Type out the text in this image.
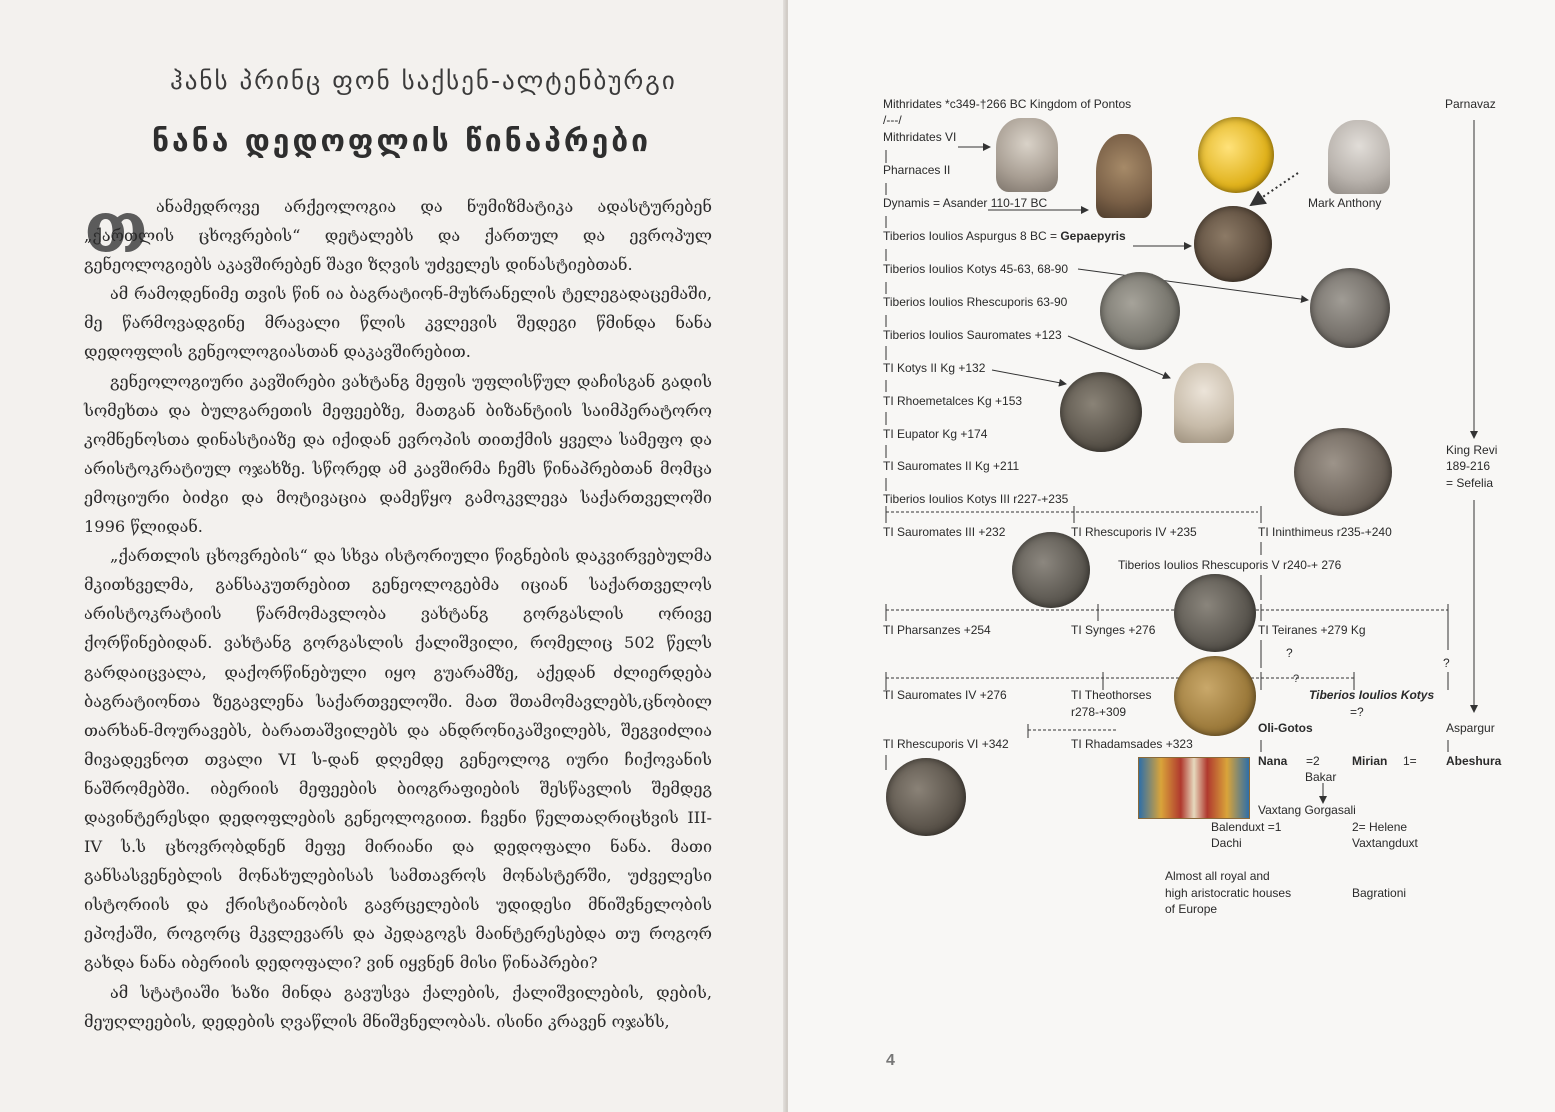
ჰანს პრინც ფონ საქსენ-ალტენბურგი
ნანა დედოფლის წინაპრები
თ ანამედროვე არქეოლოგია და ნუმიზმატიკა ადასტურებენ „ქართლის ცხოვრების“ დეტალებს და ქართულ და ევროპულ გენეოლოგიებს აკავშირებენ შავი ზღვის უძველეს დინასტიებთან.

ამ რამოდენიმე თვის წინ ია ბაგრატიონ-მუხრანელის ტელეგადაცემაში, მე წარმოვადგინე მრავალი წლის კვლევის შედეგი წმინდა ნანა დედოფლის გენეოლოგიასთან დაკავშირებით.

გენეოლოგიური კავშირები ვახტანგ მეფის უფლისწულ დაჩისგან გადის სომეხთა და ბულგარეთის მეფეებზე, მათგან ბიზანტიის საიმპერატორო კომნენოსთა დინასტიაზე და იქიდან ევროპის თითქმის ყველა სამეფო და არისტოკრატიულ ოჯახზე. სწორედ ამ კავშირმა ჩემს წინაპრებთან მომცა ემოციური ბიძგი და მოტივაცია დამეწყო გამოკვლევა საქართველოში 1996 წლიდან.

„ქართლის ცხოვრების“ და სხვა ისტორიული წიგნების დაკვირვებულმა მკითხველმა, განსაკუთრებით გენეოლოგებმა იციან საქართველოს არისტოკრატიის წარმომავლობა ვახტანგ გორგასლის ორივე ქორწინებიდან. ვახტანგ გორგასლის ქალიშვილი, რომელიც 502 წელს გარდაიცვალა, დაქორწინებული იყო გუარამზე, აქედან ძლიერდება ბაგრატიონთა ზეგავლენა საქართველოში. მათ შთამომავლებს,ცნობილ თარხან-მოურავებს, ბარათაშვილებს და ანდრონიკაშვილებს, შეგვიძლია მივადევნოთ თვალი VI ს-დან დღემდე გენეოლოგ იური ჩიქოვანის ნაშრომებში. იბერიის მეფეების ბიოგრაფიების შესწავლის შემდეგ დავინტერესდი დედოფლების გენეოლოგიით. ჩვენი წელთაღრიცხვის III-IV ს.ს ცხოვრობდნენ მეფე მირიანი და დედოფალი ნანა. მათი განსასვენებლის მონახულებისას სამთავროს მონასტერში, უძველესი ისტორიის და ქრისტიანობის გავრცელების უდიდესი მნიშვნელობის ეპოქაში, როგორც მკვლევარს და პედაგოგს მაინტერესებდა თუ როგორ გახდა ნანა იბერიის დედოფალი? ვინ იყვნენ მისი წინაპრები?

ამ სტატიაში ხაზი მინდა გავუსვა ქალების, ქალიშვილების, დების, მეუღლეების, დედების ღვაწლის მნიშვნელობას. ისინი კრავენ ოჯახს,

?
Mithridates *c349-†266 BC Kingdom of Pontos
/---/
Mithridates VI
Pharnaces II
Dynamis = Asander 110-17 BC
Tiberios Ioulios Aspurgus 8 BC = Gepaepyris
Tiberios Ioulios Kotys 45-63, 68-90
Tiberios Ioulios Rhescuporis 63-90
Tiberios Ioulios Sauromates +123
TI Kotys II Kg +132
TI Rhoemetalces Kg +153
TI Eupator Kg +174
TI Sauromates II Kg +211
Tiberios Ioulios Kotys III r227-+235
TI Sauromates III +232	TI Rhescuporis IV +235	TI Ininthimeus r235-+240
Tiberios Ioulios Rhescuporis V r240-+ 276
TI Pharsanzes +254	TI Synges +276	TI Teiranes +279 Kg
?
TI Sauromates IV +276	TI Theothorses
r278-+309
Tiberios Ioulios Kotys
=?
Oli-Gotos
TI Rhescuporis VI +342	TI Rhadamsades +323
Nana =2	Mirian 1=
Bakar
Vaxtang Gorgasali
Balenduxt =1
Dachi
2= Helene
Vaxtangduxt
Almost all royal and
high aristocratic houses
of Europe
Bagrationi
Mark Anthony
Parnavaz
King Revi
189-216
= Sefelia
Aspargur
Abeshura
?
4
